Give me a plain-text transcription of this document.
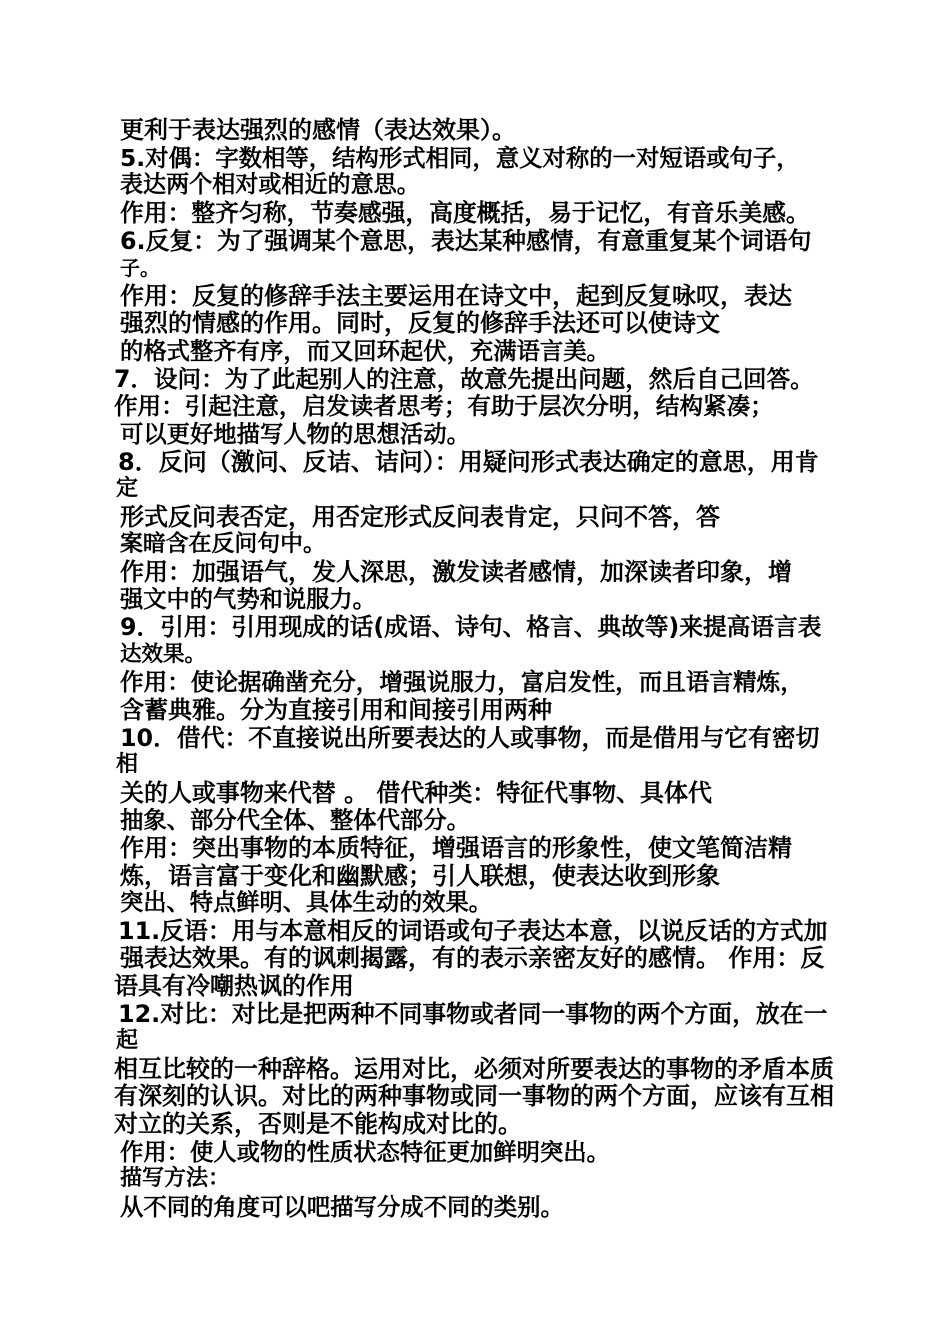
更利于表达强烈的感情（表达效果）。
5.对偶：字数相等，结构形式相同，意义对称的一对短语或句子，
表达两个相对或相近的意思。
作用：整齐匀称，节奏感强，高度概括，易于记忆，有音乐美感。
6.反复：为了强调某个意思，表达某种感情，有意重复某个词语句
子。
作用：反复的修辞手法主要运用在诗文中，起到反复咏叹，表达
强烈的情感的作用。同时，反复的修辞手法还可以使诗文
的格式整齐有序，而又回环起伏，充满语言美。
7．设问：为了此起别人的注意，故意先提出问题，然后自己回答。
作用：引起注意，启发读者思考；有助于层次分明，结构紧凑；
可以更好地描写人物的思想活动。
8．反问（激问、反诘、诘问）：用疑问形式表达确定的意思，用肯
定
形式反问表否定，用否定形式反问表肯定，只问不答，答
案暗含在反问句中。
作用：加强语气，发人深思，激发读者感情，加深读者印象，增
强文中的气势和说服力。
9．引用：引用现成的话(成语、诗句、格言、典故等)来提高语言表
达效果。
作用：使论据确凿充分，增强说服力，富启发性，而且语言精炼，
含蓄典雅。分为直接引用和间接引用两种
10．借代：不直接说出所要表达的人或事物，而是借用与它有密切
相
关的人或事物来代替 。 借代种类：特征代事物、具体代
抽象、部分代全体、整体代部分。
作用：突出事物的本质特征，增强语言的形象性，使文笔简洁精
炼，语言富于变化和幽默感；引人联想，使表达收到形象
突出、特点鲜明、具体生动的效果。
11.反语：用与本意相反的词语或句子表达本意，以说反话的方式加
强表达效果。有的讽刺揭露，有的表示亲密友好的感情。 作用：反
语具有冷嘲热讽的作用
12.对比：对比是把两种不同事物或者同一事物的两个方面，放在一
起
相互比较的一种辞格。运用对比，必须对所要表达的事物的矛盾本质
有深刻的认识。对比的两种事物或同一事物的两个方面，应该有互相
对立的关系，否则是不能构成对比的。
作用：使人或物的性质状态特征更加鲜明突出。
描写方法：
从不同的角度可以吧描写分成不同的类别。
